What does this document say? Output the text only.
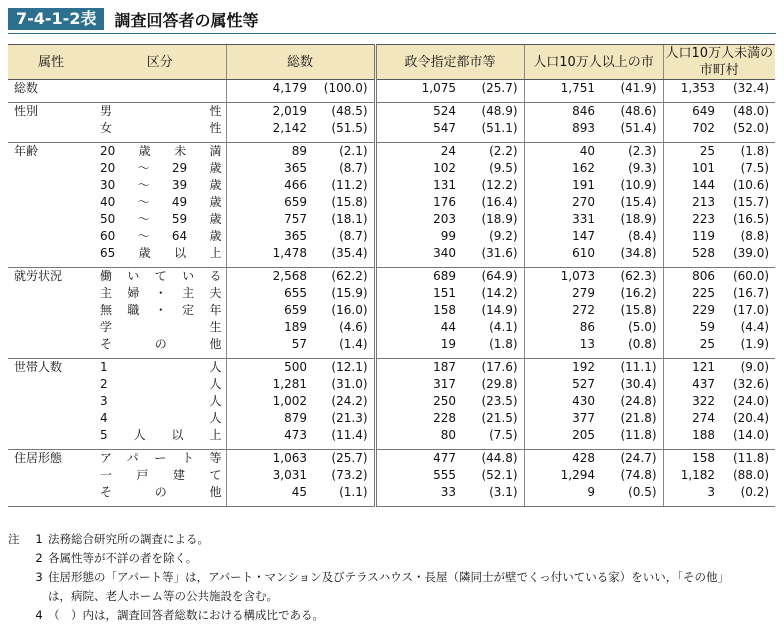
7-4-1-2表	調査回答者の属性等
属性	区分	総数		政令指定都市等		人口10万人以上の市		人口10万人未満の市町村	
総数		4,179	(100.0)	1,075	(25.7)	1,751	(41.9)	1,353	(32.4)

性別	男　　　性	2,019	(48.5)	524	(48.9)	846	(48.6)	649	(48.0)

	女　　　性	2,142	(51.5)	547	(51.1)	893	(51.4)	702	(52.0)

年齢	20　歳　未　満	89	(2.1)	24	(2.2)	40	(2.3)	25	(1.8)

	20　～　29　歳	365	(8.7)	102	(9.5)	162	(9.3)	101	(7.5)

	30　～　39　歳	466	(11.2)	131	(12.2)	191	(10.9)	144	(10.6)

	40　～　49　歳	659	(15.8)	176	(16.4)	270	(15.4)	213	(15.7)

	50　～　59　歳	757	(18.1)	203	(18.9)	331	(18.9)	223	(16.5)

	60　～　64　歳	365	(8.7)	99	(9.2)	147	(8.4)	119	(8.8)

	65　歳　以　上	1,478	(35.4)	340	(31.6)	610	(34.8)	528	(39.0)

就労状況	働いている	2,568	(62.2)	689	(64.9)	1,073	(62.3)	806	(60.0)

	主婦・主夫	655	(15.9)	151	(14.2)	279	(16.2)	225	(16.7)

	無職・定年	659	(16.0)	158	(14.9)	272	(15.8)	229	(17.0)

	学　　　生	189	(4.6)	44	(4.1)	86	(5.0)	59	(4.4)

	そ　の　他	57	(1.4)	19	(1.8)	13	(0.8)	25	(1.9)

世帯人数	1　　　人	500	(12.1)	187	(17.6)	192	(11.1)	121	(9.0)

	2　　　人	1,281	(31.0)	317	(29.8)	527	(30.4)	437	(32.6)

	3　　　人	1,002	(24.2)	250	(23.5)	430	(24.8)	322	(24.0)

	4　　　人	879	(21.3)	228	(21.5)	377	(21.8)	274	(20.4)

	5　人　以　上	473	(11.4)	80	(7.5)	205	(11.8)	188	(14.0)

住居形態	アパート等	1,063	(25.7)	477	(44.8)	428	(24.7)	158	(11.8)

	一戸建て	3,031	(73.2)	555	(52.1)	1,294	(74.8)	1,182	(88.0)

	そ　の　他	45	(1.1)	33	(3.1)	9	(0.5)	3	(0.2)

注	1 法務総合研究所の調査による。
2 各属性等が不詳の者を除く。
3 住居形態の「アパート等」は，アパート・マンション及びテラスハウス・長屋（隣同士が壁でくっ付いている家）をいい，「その他」
は，病院、老人ホーム等の公共施設を含む。
4 （　）内は，調査回答者総数における構成比である。
